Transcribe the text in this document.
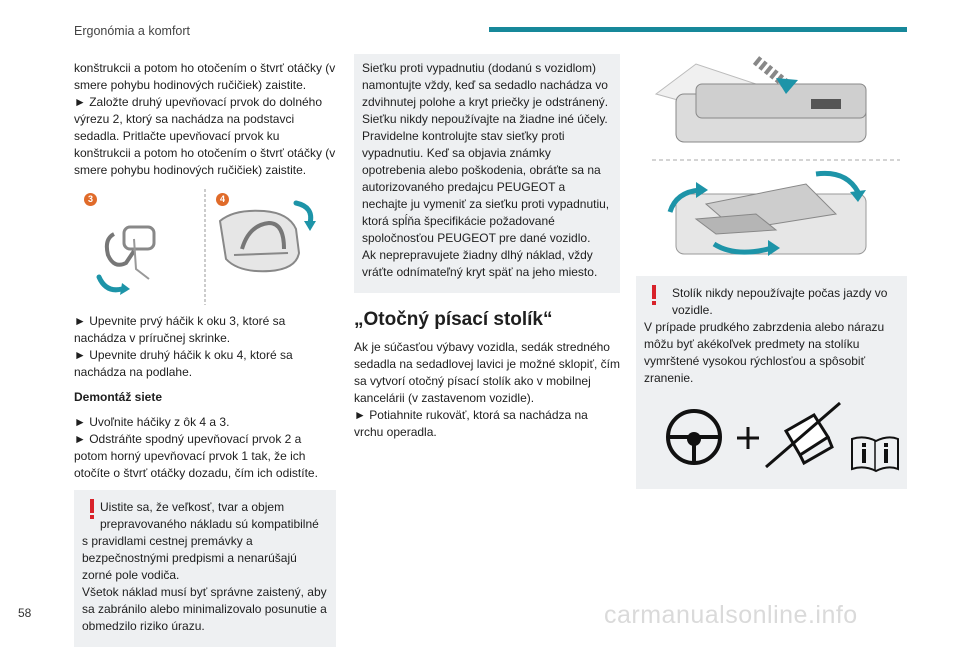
Ergonómia a komfort

konštrukcii a potom ho otočením o štvrť otáčky (v smere pohybu hodinových ručičiek) zaistite.

► Založte druhý upevňovací prvok do dolného výrezu 2, ktorý sa nachádza na podstavci sedadla. Pritlačte upevňovací prvok ku konštrukcii a potom ho otočením o štvrť otáčky (v smere pohybu hodinových ručičiek) zaistite.

3	4

► Upevnite prvý háčik k oku 3, ktoré sa nachádza v príručnej skrinke.

► Upevnite druhý háčik k oku 4, ktoré sa nachádza na podlahe.

Demontáž siete

► Uvoľnite háčiky z ôk 4 a 3.

► Odstráňte spodný upevňovací prvok 2 a potom horný upevňovací prvok 1 tak, že ich otočíte o štvrť otáčky dozadu, čím ich odistíte.

Uistite sa, že veľkosť, tvar a objem prepravovaného nákladu sú kompatibilné

s pravidlami cestnej premávky a bezpečnostnými predpismi a nenarúšajú zorné pole vodiča.

Všetok náklad musí byť správne zaistený, aby sa zabránilo alebo minimalizovalo posunutie a obmedzilo riziko úrazu.

Sieťku proti vypadnutiu (dodanú s vozidlom) namontujte vždy, keď sa sedadlo nachádza vo zdvihnutej polohe a kryt priečky je odstránený.

Sieťku nikdy nepoužívajte na žiadne iné účely.

Pravidelne kontrolujte stav sieťky proti vypadnutiu. Keď sa objavia známky opotrebenia alebo poškodenia, obráťte sa na autorizovaného predajcu PEUGEOT a nechajte ju vymeniť za sieťku proti vypadnutiu, ktorá spĺňa špecifikácie požadované spoločnosťou PEUGEOT pre dané vozidlo.

Ak neprepravujete žiadny dlhý náklad, vždy vráťte odnímateľný kryt späť na jeho miesto.

„Otočný písací stolík“

Ak je súčasťou výbavy vozidla, sedák stredného sedadla na sedadlovej lavici je možné sklopiť, čím sa vytvorí otočný písací stolík ako v mobilnej kancelárii (v zastavenom vozidle).

► Potiahnite rukoväť, ktorá sa nachádza na vrchu operadla.

Stolík nikdy nepoužívajte počas jazdy vo vozidle.

V prípade prudkého zabrzdenia alebo nárazu môžu byť akékoľvek predmety na stolíku vymrštené vysokou rýchlosťou a spôsobiť zranenie.

58	carmanualsonline.info
